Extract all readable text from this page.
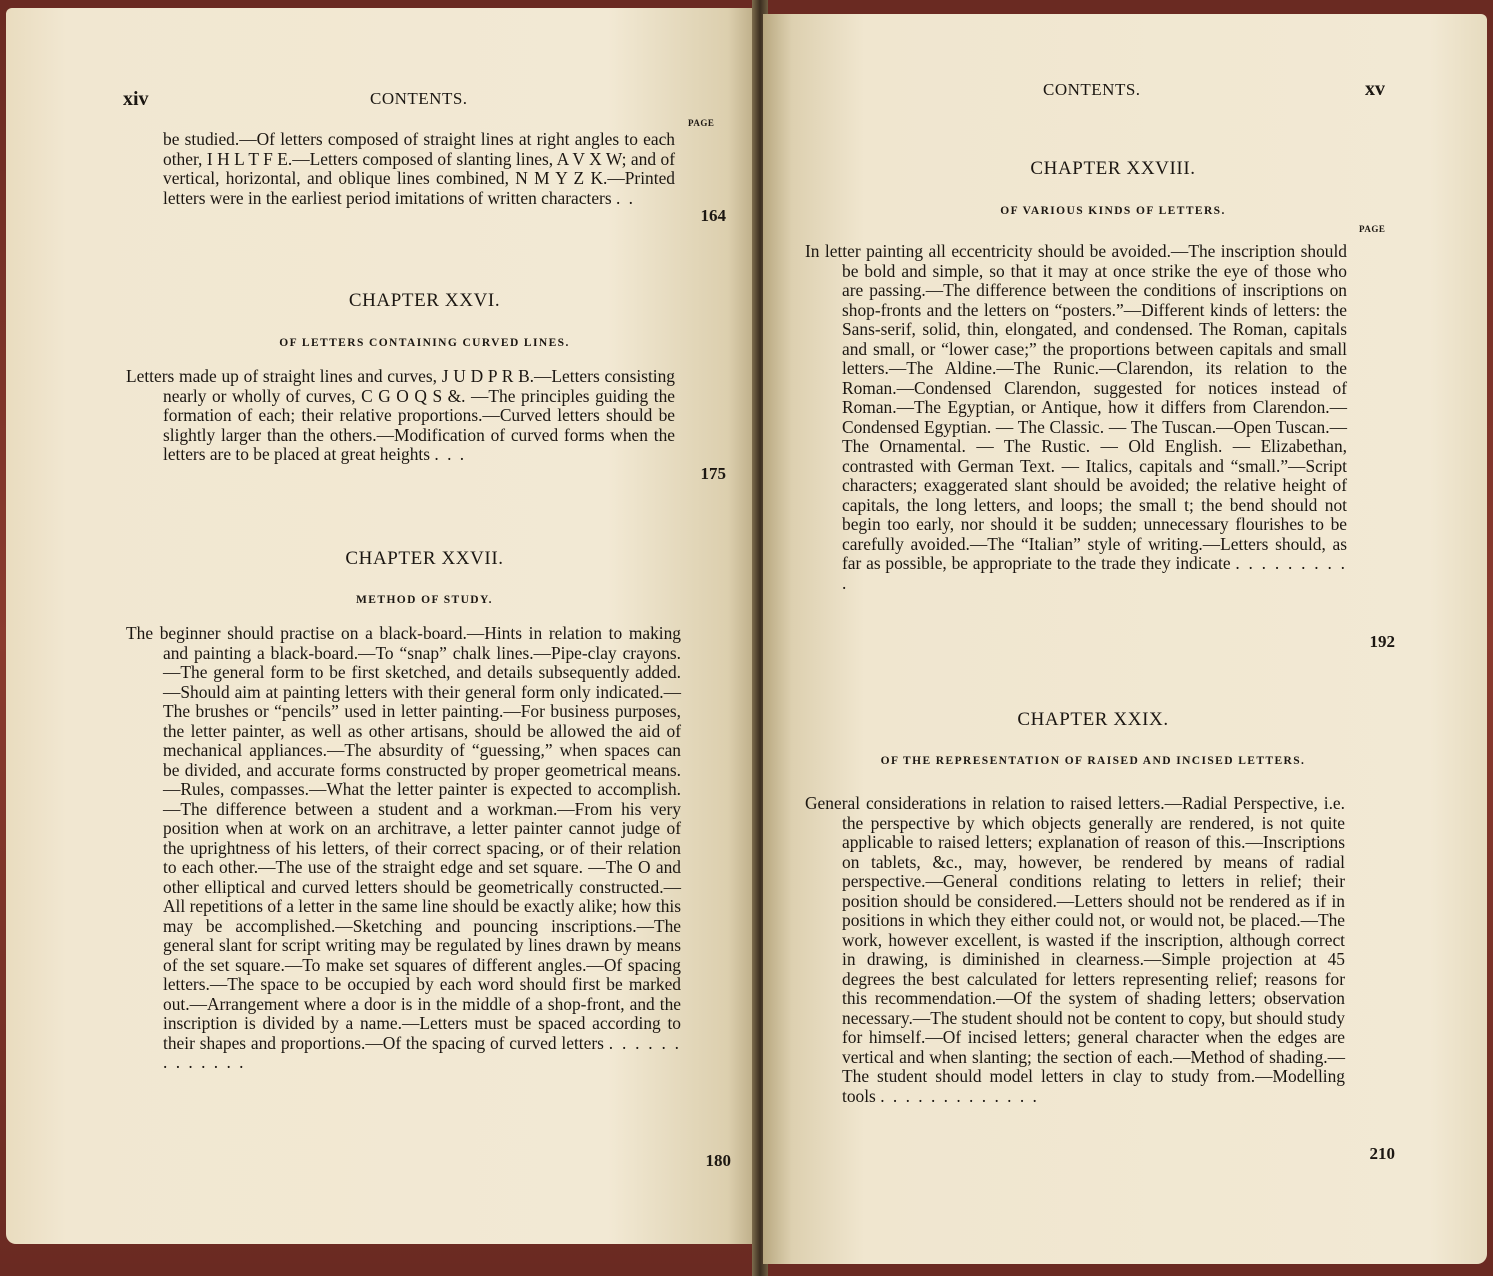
xiv	CONTENTS.
PAGE

be studied.—Of letters composed of straight lines at right angles to each other, I H L T F E.—Letters composed of slanting lines, A V X W; and of vertical, horizontal, and oblique lines combined, N M Y Z K.—Printed letters were in the earliest period imitations of written characters . .

164
CHAPTER XXVI.
OF LETTERS CONTAINING CURVED LINES.

Letters made up of straight lines and curves, J U D P R B.—Letters consisting nearly or wholly of curves, C G O Q S &. —The principles guiding the formation of each; their relative proportions.—Curved letters should be slightly larger than the others.—Modification of curved forms when the letters are to be placed at great heights . . .

175
CHAPTER XXVII.
METHOD OF STUDY.

The beginner should practise on a black-board.—Hints in relation to making and painting a black-board.—To “snap” chalk lines.—Pipe-clay crayons.—The general form to be first sketched, and details subsequently added.—Should aim at painting letters with their general form only indicated.—The brushes or “pencils” used in letter painting.—For business purposes, the letter painter, as well as other artisans, should be allowed the aid of mechanical appliances.—The absurdity of “guessing,” when spaces can be divided, and accurate forms constructed by proper geometrical means.—Rules, compasses.—What the letter painter is expected to accomplish.—The difference between a student and a workman.—From his very position when at work on an architrave, a letter painter cannot judge of the uprightness of his letters, of their correct spacing, or of their relation to each other.—The use of the straight edge and set square. —The O and other elliptical and curved letters should be geometrically constructed.—All repetitions of a letter in the same line should be exactly alike; how this may be accomplished.—Sketching and pouncing inscriptions.—The general slant for script writing may be regulated by lines drawn by means of the set square.—To make set squares of different angles.—Of spacing letters.—The space to be occupied by each word should first be marked out.—Arrangement where a door is in the middle of a shop-front, and the inscription is divided by a name.—Letters must be spaced according to their shapes and proportions.—Of the spacing of curved letters . . . . . . . . . . . . .

180
CONTENTS.	xv
CHAPTER XXVIII.
OF VARIOUS KINDS OF LETTERS.
PAGE

In letter painting all eccentricity should be avoided.—The inscription should be bold and simple, so that it may at once strike the eye of those who are passing.—The difference between the conditions of inscriptions on shop-fronts and the letters on “posters.”—Different kinds of letters: the Sans-serif, solid, thin, elongated, and condensed. The Roman, capitals and small, or “lower case;” the proportions between capitals and small letters.—The Aldine.—The Runic.—Clarendon, its relation to the Roman.—Condensed Clarendon, suggested for notices instead of Roman.—The Egyptian, or Antique, how it differs from Clarendon.—Condensed Egyptian. — The Classic. — The Tuscan.—Open Tuscan.—The Ornamental. — The Rustic. — Old English. — Elizabethan, contrasted with German Text. — Italics, capitals and “small.”—Script characters; exaggerated slant should be avoided; the relative height of capitals, the long letters, and loops; the small t; the bend should not begin too early, nor should it be sudden; unnecessary flourishes to be carefully avoided.—The “Italian” style of writing.—Letters should, as far as possible, be appropriate to the trade they indicate . . . . . . . . . .

192
CHAPTER XXIX.
OF THE REPRESENTATION OF RAISED AND INCISED LETTERS.

General considerations in relation to raised letters.—Radial Perspective, i.e. the perspective by which objects generally are rendered, is not quite applicable to raised letters; explanation of reason of this.—Inscriptions on tablets, &c., may, however, be rendered by means of radial perspective.—General conditions relating to letters in relief; their position should be considered.—Letters should not be rendered as if in positions in which they either could not, or would not, be placed.—The work, however excellent, is wasted if the inscription, although correct in drawing, is diminished in clearness.—Simple projection at 45 degrees the best calculated for letters representing relief; reasons for this recommendation.—Of the system of shading letters; observation necessary.—The student should not be content to copy, but should study for himself.—Of incised letters; general character when the edges are vertical and when slanting; the section of each.—Method of shading.—The student should model letters in clay to study from.—Modelling tools . . . . . . . . . . . . .

210
